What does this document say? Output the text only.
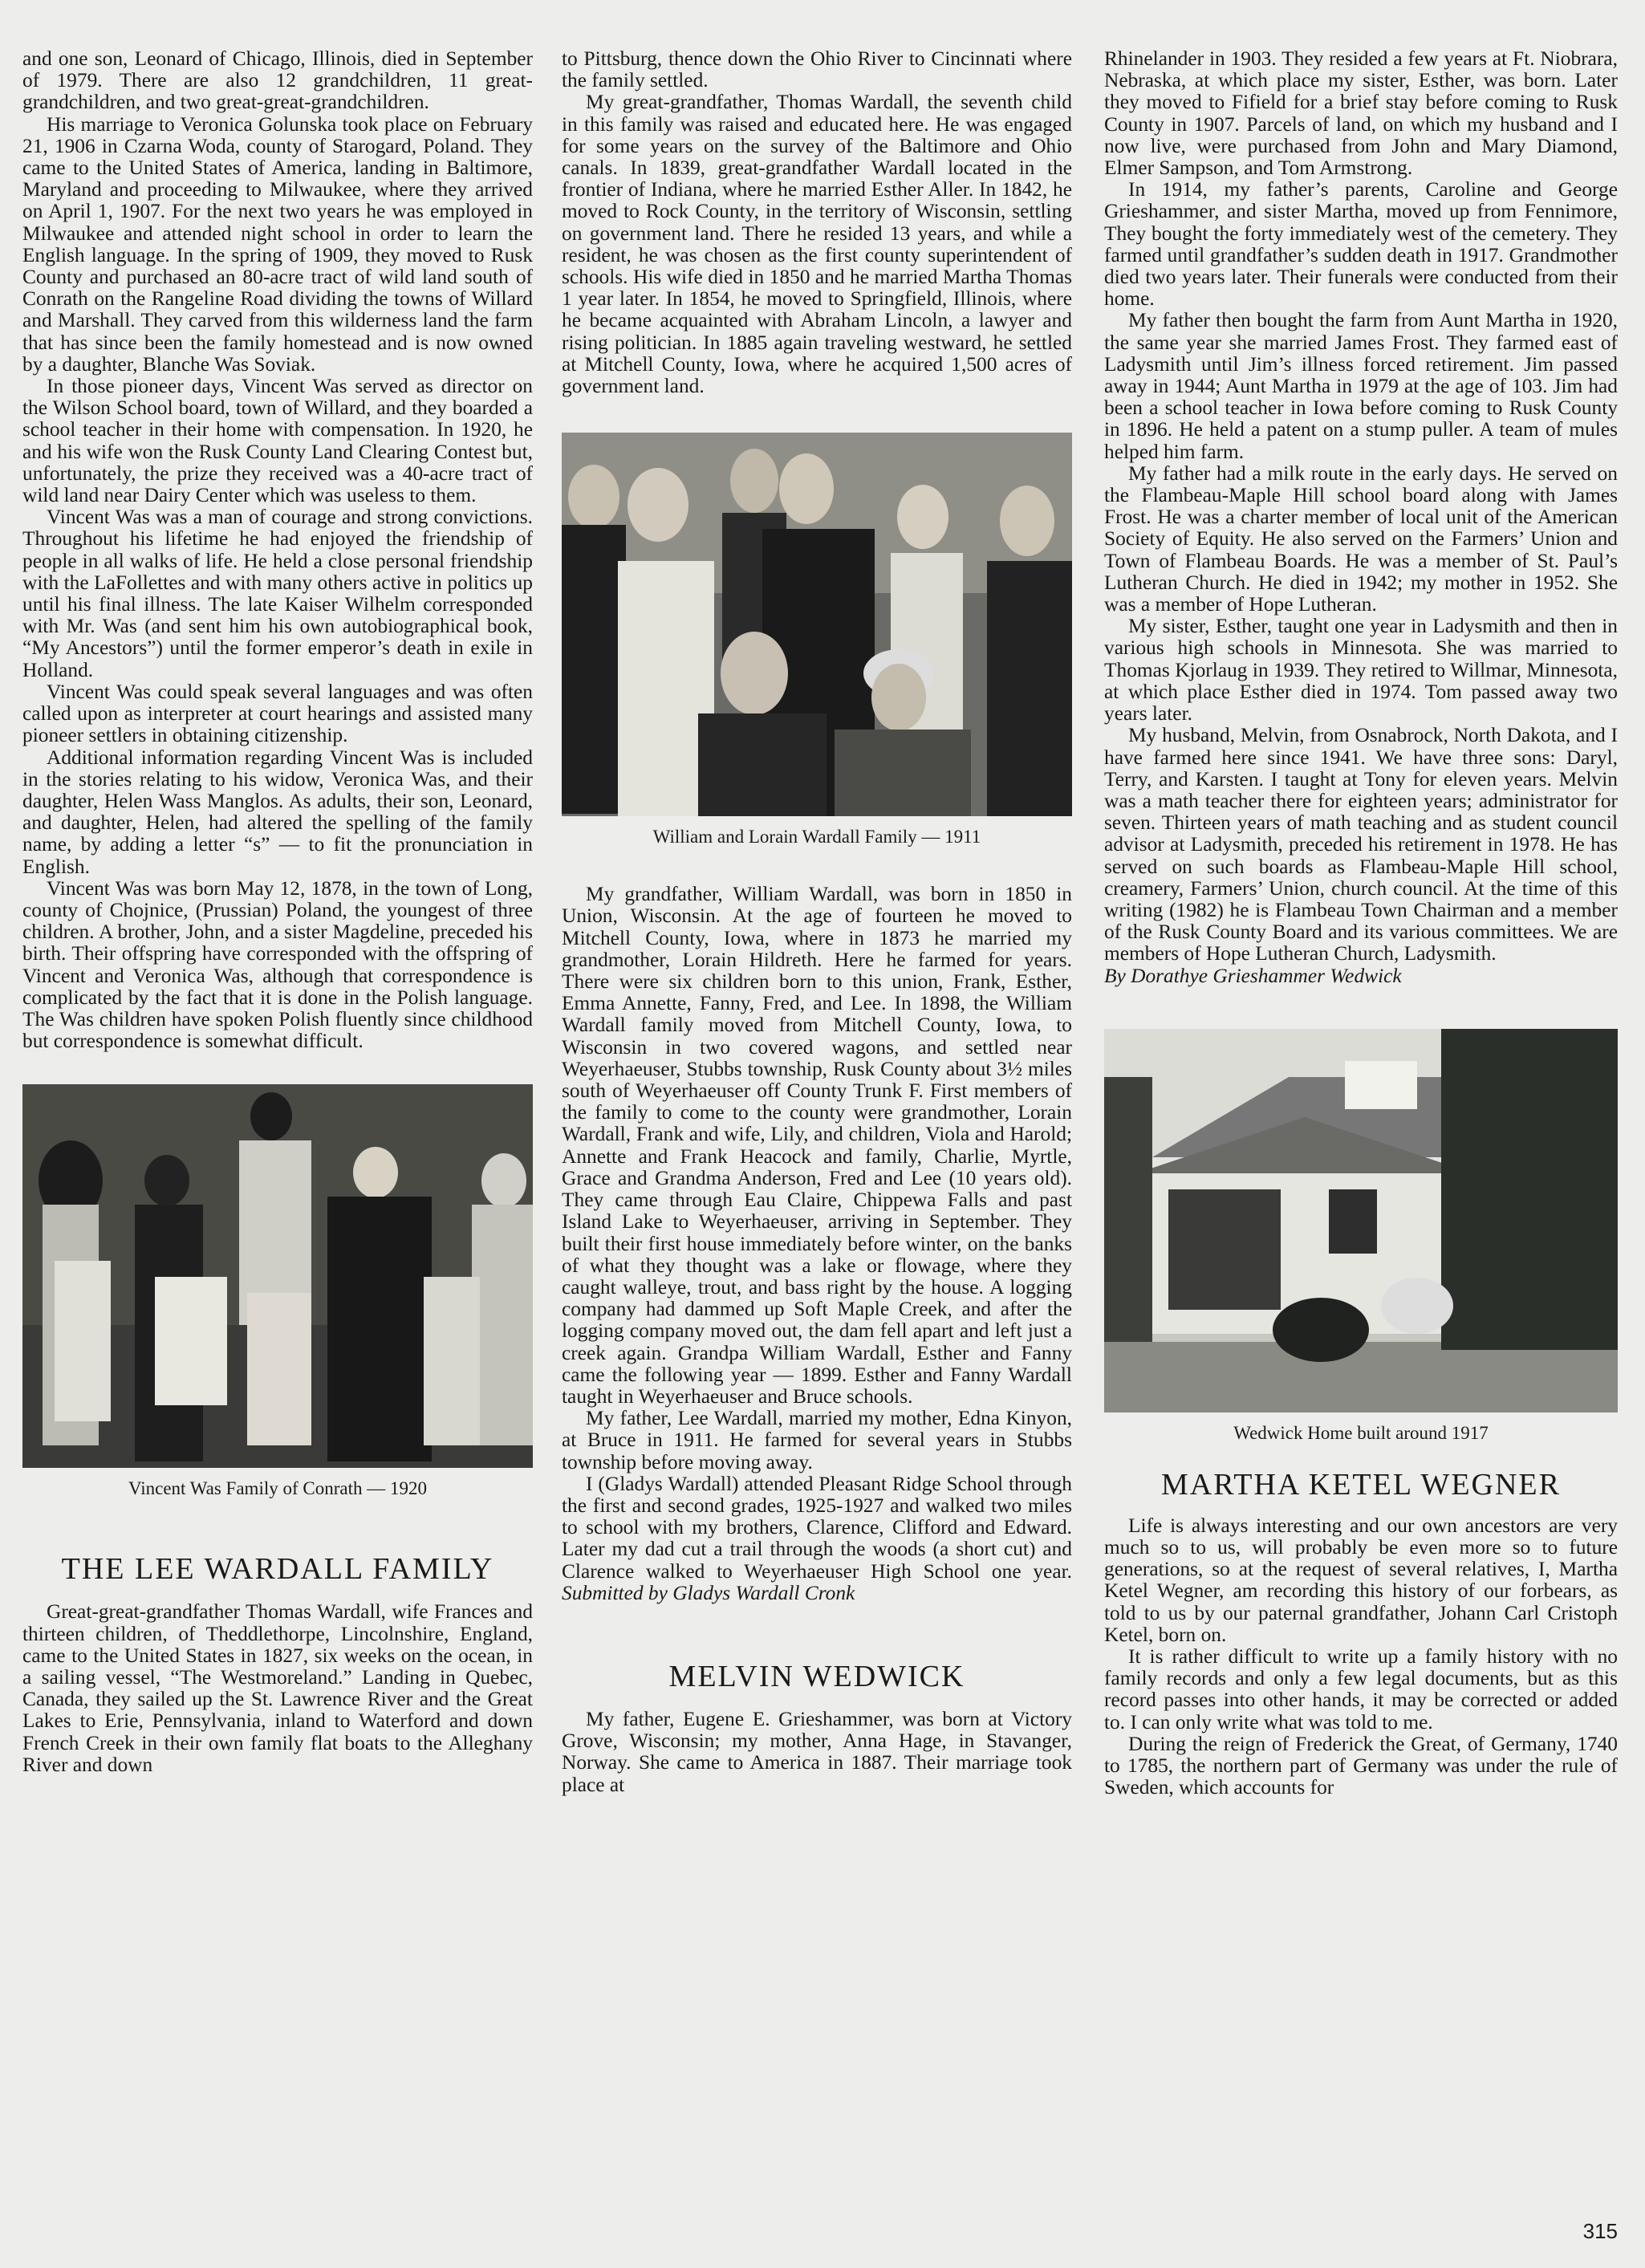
and one son, Leonard of Chicago, Illinois, died in September of 1979. There are also 12 grandchildren, 11 great-grandchildren, and two great-great-grandchildren.

His marriage to Veronica Golunska took place on February 21, 1906 in Czarna Woda, county of Starogard, Poland. They came to the United States of America, landing in Baltimore, Maryland and proceeding to Milwaukee, where they arrived on April 1, 1907. For the next two years he was employed in Milwaukee and attended night school in order to learn the English language. In the spring of 1909, they moved to Rusk County and purchased an 80-acre tract of wild land south of Conrath on the Rangeline Road dividing the towns of Willard and Marshall. They carved from this wilderness land the farm that has since been the family homestead and is now owned by a daughter, Blanche Was Soviak.

In those pioneer days, Vincent Was served as director on the Wilson School board, town of Willard, and they boarded a school teacher in their home with compensation. In 1920, he and his wife won the Rusk County Land Clearing Contest but, unfortunately, the prize they received was a 40-acre tract of wild land near Dairy Center which was useless to them.

Vincent Was was a man of courage and strong convictions. Throughout his lifetime he had enjoyed the friendship of people in all walks of life. He held a close personal friendship with the LaFollettes and with many others active in politics up until his final illness. The late Kaiser Wilhelm corresponded with Mr. Was (and sent him his own autobiographical book, “My Ancestors”) until the former emperor’s death in exile in Holland.

Vincent Was could speak several languages and was often called upon as interpreter at court hearings and assisted many pioneer settlers in obtaining citizenship.

Additional information regarding Vincent Was is included in the stories relating to his widow, Veronica Was, and their daughter, Helen Wass Manglos. As adults, their son, Leonard, and daughter, Helen, had altered the spelling of the family name, by adding a letter “s” — to fit the pronunciation in English.

Vincent Was was born May 12, 1878, in the town of Long, county of Chojnice, (Prussian) Poland, the youngest of three children. A brother, John, and a sister Magdeline, preceded his birth. Their offspring have corresponded with the offspring of Vincent and Veronica Was, although that correspondence is complicated by the fact that it is done in the Polish language. The Was children have spoken Polish fluently since childhood but correspondence is somewhat difficult.

Vincent Was Family of Conrath — 1920
THE LEE WARDALL FAMILY

Great-great-grandfather Thomas Wardall, wife Frances and thirteen children, of Theddlethorpe, Lincolnshire, England, came to the United States in 1827, six weeks on the ocean, in a sailing vessel, “The Westmoreland.” Landing in Quebec, Canada, they sailed up the St. Lawrence River and the Great Lakes to Erie, Pennsylvania, inland to Waterford and down French Creek in their own family flat boats to the Alleghany River and down

to Pittsburg, thence down the Ohio River to Cincinnati where the family settled.

My great-grandfather, Thomas Wardall, the seventh child in this family was raised and educated here. He was engaged for some years on the survey of the Baltimore and Ohio canals. In 1839, great-grandfather Wardall located in the frontier of Indiana, where he married Esther Aller. In 1842, he moved to Rock County, in the territory of Wisconsin, settling on government land. There he resided 13 years, and while a resident, he was chosen as the first county superintendent of schools. His wife died in 1850 and he married Martha Thomas 1 year later. In 1854, he moved to Springfield, Illinois, where he became acquainted with Abraham Lincoln, a lawyer and rising politician. In 1885 again traveling westward, he settled at Mitchell County, Iowa, where he acquired 1,500 acres of government land.

William and Lorain Wardall Family — 1911

My grandfather, William Wardall, was born in 1850 in Union, Wisconsin. At the age of fourteen he moved to Mitchell County, Iowa, where in 1873 he married my grandmother, Lorain Hildreth. Here he farmed for years. There were six children born to this union, Frank, Esther, Emma Annette, Fanny, Fred, and Lee. In 1898, the William Wardall family moved from Mitchell County, Iowa, to Wisconsin in two covered wagons, and settled near Weyerhaeuser, Stubbs township, Rusk County about 3½ miles south of Weyerhaeuser off County Trunk F. First members of the family to come to the county were grandmother, Lorain Wardall, Frank and wife, Lily, and children, Viola and Harold; Annette and Frank Heacock and family, Charlie, Myrtle, Grace and Grandma Anderson, Fred and Lee (10 years old). They came through Eau Claire, Chippewa Falls and past Island Lake to Weyerhaeuser, arriving in September. They built their first house immediately before winter, on the banks of what they thought was a lake or flowage, where they caught walleye, trout, and bass right by the house. A logging company had dammed up Soft Maple Creek, and after the logging company moved out, the dam fell apart and left just a creek again. Grandpa William Wardall, Esther and Fanny came the following year — 1899. Esther and Fanny Wardall taught in Weyerhaeuser and Bruce schools.

My father, Lee Wardall, married my mother, Edna Kinyon, at Bruce in 1911. He farmed for several years in Stubbs township before moving away.

I (Gladys Wardall) attended Pleasant Ridge School through the first and second grades, 1925-1927 and walked two miles to school with my brothers, Clarence, Clifford and Edward. Later my dad cut a trail through the woods (a short cut) and Clarence walked to Weyerhaeuser High School one year. Submitted by Gladys Wardall Cronk

MELVIN WEDWICK

My father, Eugene E. Grieshammer, was born at Victory Grove, Wisconsin; my mother, Anna Hage, in Stavanger, Norway. She came to America in 1887. Their marriage took place at

Rhinelander in 1903. They resided a few years at Ft. Niobrara, Nebraska, at which place my sister, Esther, was born. Later they moved to Fifield for a brief stay before coming to Rusk County in 1907. Parcels of land, on which my husband and I now live, were purchased from John and Mary Diamond, Elmer Sampson, and Tom Armstrong.

In 1914, my father’s parents, Caroline and George Grieshammer, and sister Martha, moved up from Fennimore, They bought the forty immediately west of the cemetery. They farmed until grandfather’s sudden death in 1917. Grandmother died two years later. Their funerals were conducted from their home.

My father then bought the farm from Aunt Martha in 1920, the same year she married James Frost. They farmed east of Ladysmith until Jim’s illness forced retirement. Jim passed away in 1944; Aunt Martha in 1979 at the age of 103. Jim had been a school teacher in Iowa before coming to Rusk County in 1896. He held a patent on a stump puller. A team of mules helped him farm.

My father had a milk route in the early days. He served on the Flambeau-Maple Hill school board along with James Frost. He was a charter member of local unit of the American Society of Equity. He also served on the Farmers’ Union and Town of Flambeau Boards. He was a member of St. Paul’s Lutheran Church. He died in 1942; my mother in 1952. She was a member of Hope Lutheran.

My sister, Esther, taught one year in Ladysmith and then in various high schools in Minnesota. She was married to Thomas Kjorlaug in 1939. They retired to Willmar, Minnesota, at which place Esther died in 1974. Tom passed away two years later.

My husband, Melvin, from Osnabrock, North Dakota, and I have farmed here since 1941. We have three sons: Daryl, Terry, and Karsten. I taught at Tony for eleven years. Melvin was a math teacher there for eighteen years; administrator for seven. Thirteen years of math teaching and as student council advisor at Ladysmith, preceded his retirement in 1978. He has served on such boards as Flambeau-Maple Hill school, creamery, Farmers’ Union, church council. At the time of this writing (1982) he is Flambeau Town Chairman and a member of the Rusk County Board and its various committees. We are members of Hope Lutheran Church, Ladysmith.

By Dorathye Grieshammer Wedwick

Wedwick Home built around 1917
MARTHA KETEL WEGNER

Life is always interesting and our own ancestors are very much so to us, will probably be even more so to future generations, so at the request of several relatives, I, Martha Ketel Wegner, am recording this history of our forbears, as told to us by our paternal grandfather, Johann Carl Cristoph Ketel, born on.

It is rather difficult to write up a family history with no family records and only a few legal documents, but as this record passes into other hands, it may be corrected or added to. I can only write what was told to me.

During the reign of Frederick the Great, of Germany, 1740 to 1785, the northern part of Germany was under the rule of Sweden, which accounts for

315
